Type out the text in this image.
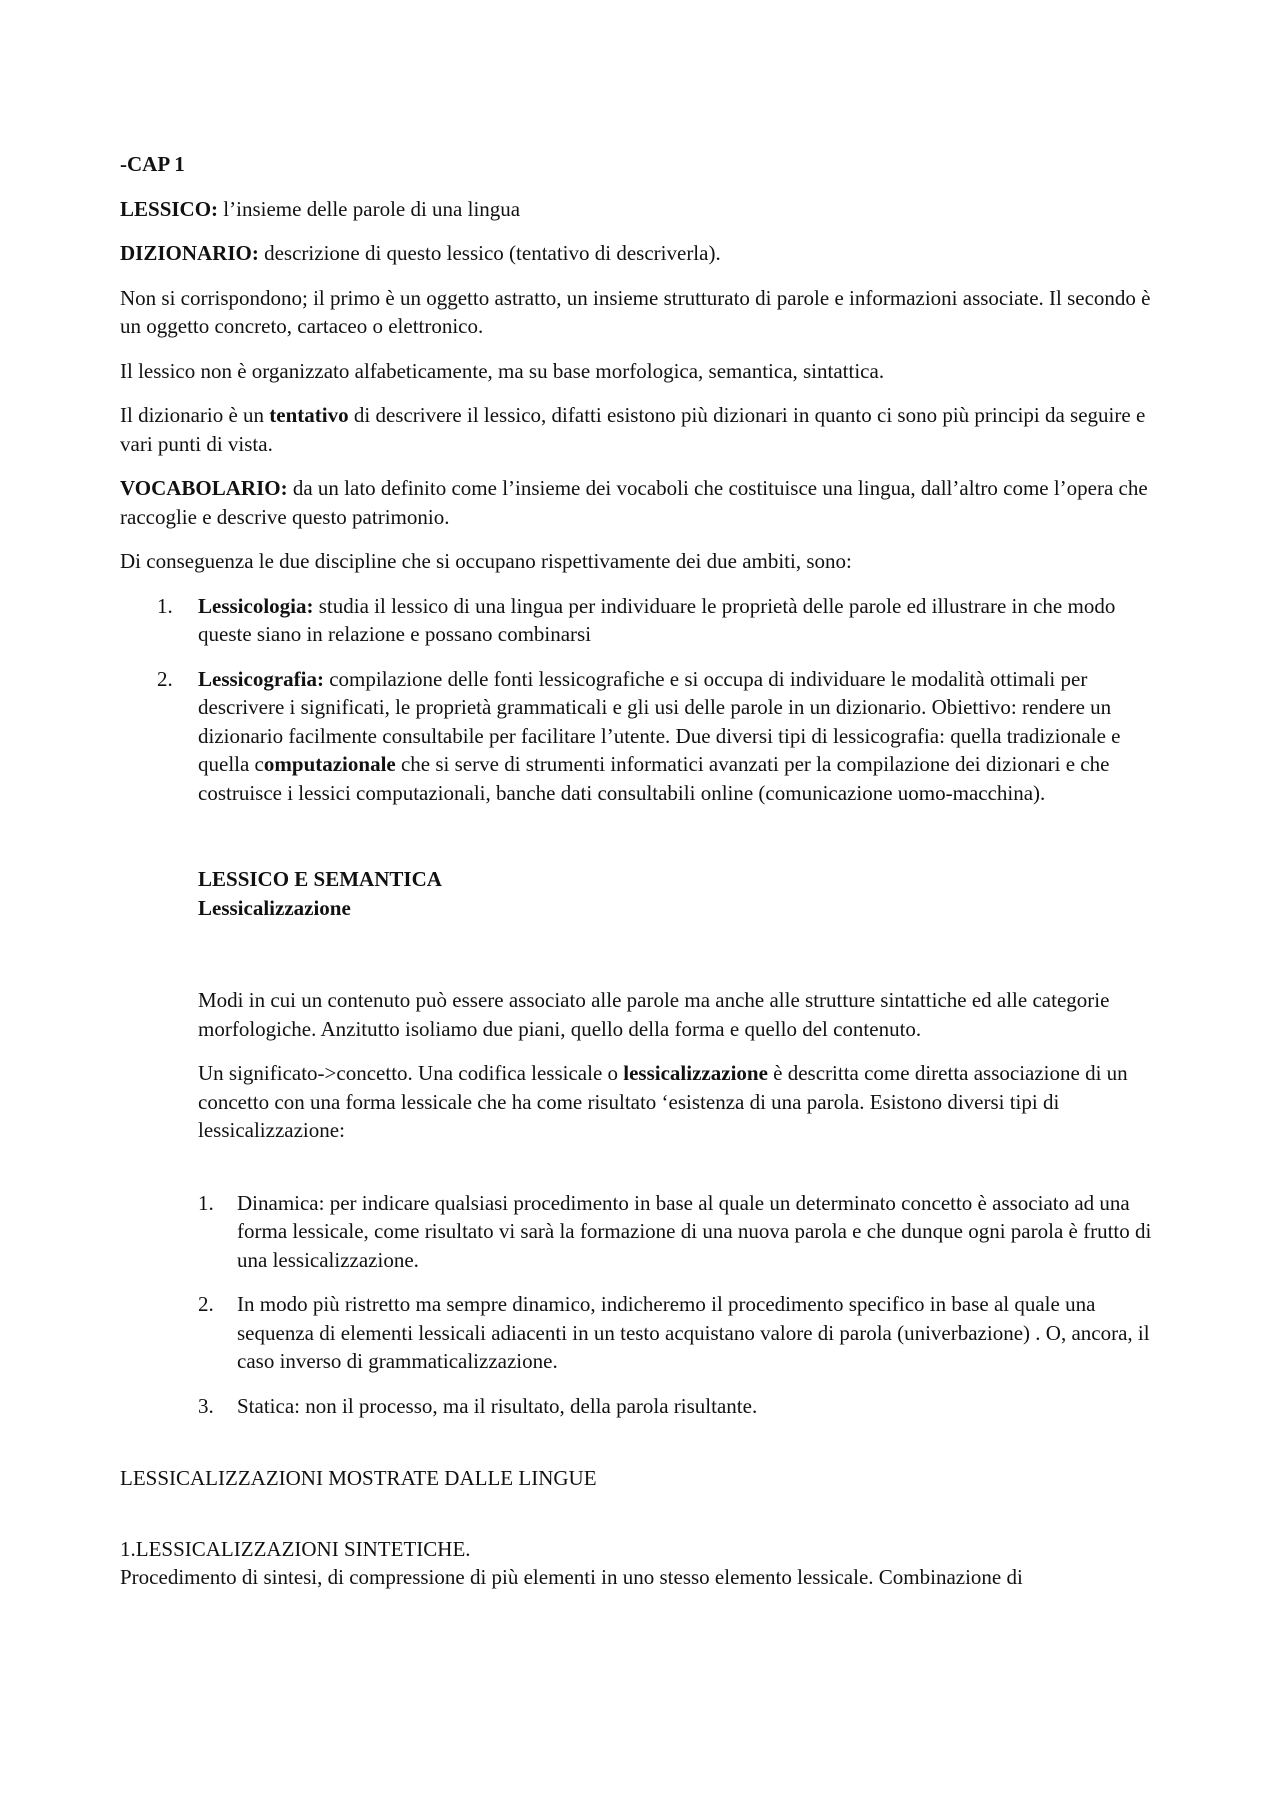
-CAP 1

LESSICO: l’insieme delle parole di una lingua

DIZIONARIO: descrizione di questo lessico (tentativo di descriverla).

Non si corrispondono; il primo è un oggetto astratto, un insieme strutturato di parole e informazioni associate. Il secondo è un oggetto concreto, cartaceo o elettronico.

Il lessico non è organizzato alfabeticamente, ma su base morfologica, semantica, sintattica.

Il dizionario è un tentativo di descrivere il lessico, difatti esistono più dizionari in quanto ci sono più principi da seguire e vari punti di vista.

VOCABOLARIO: da un lato definito come l’insieme dei vocaboli che costituisce una lingua, dall’altro come l’opera che raccoglie e descrive questo patrimonio.

Di conseguenza le due discipline che si occupano rispettivamente dei due ambiti, sono:

1. Lessicologia: studia il lessico di una lingua per individuare le proprietà delle parole ed illustrare in che modo queste siano in relazione e possano combinarsi
2. Lessicografia: compilazione delle fonti lessicografiche e si occupa di individuare le modalità ottimali per descrivere i significati, le proprietà grammaticali e gli usi delle parole in un dizionario. Obiettivo: rendere un dizionario facilmente consultabile per facilitare l’utente. Due diversi tipi di lessicografia: quella tradizionale e quella computazionale che si serve di strumenti informatici avanzati per la compilazione dei dizionari e che costruisce i lessici computazionali, banche dati consultabili online (comunicazione uomo-macchina).

LESSICO E SEMANTICA

Lessicalizzazione

Modi in cui un contenuto può essere associato alle parole ma anche alle strutture sintattiche ed alle categorie morfologiche. Anzitutto isoliamo due piani, quello della forma e quello del contenuto.

Un significato->concetto. Una codifica lessicale o lessicalizzazione è descritta come diretta associazione di un concetto con una forma lessicale che ha come risultato ‘esistenza di una parola. Esistono diversi tipi di lessicalizzazione:

1. Dinamica: per indicare qualsiasi procedimento in base al quale un determinato concetto è associato ad una forma lessicale, come risultato vi sarà la formazione di una nuova parola e che dunque ogni parola è frutto di una lessicalizzazione.
2. In modo più ristretto ma sempre dinamico, indicheremo il procedimento specifico in base al quale una sequenza di elementi lessicali adiacenti in un testo acquistano valore di parola (univerbazione) . O, ancora, il caso inverso di grammaticalizzazione.
3. Statica: non il processo, ma il risultato, della parola risultante.

LESSICALIZZAZIONI MOSTRATE DALLE LINGUE

1.LESSICALIZZAZIONI SINTETICHE.

Procedimento di sintesi, di compressione di più elementi in uno stesso elemento lessicale. Combinazione di
